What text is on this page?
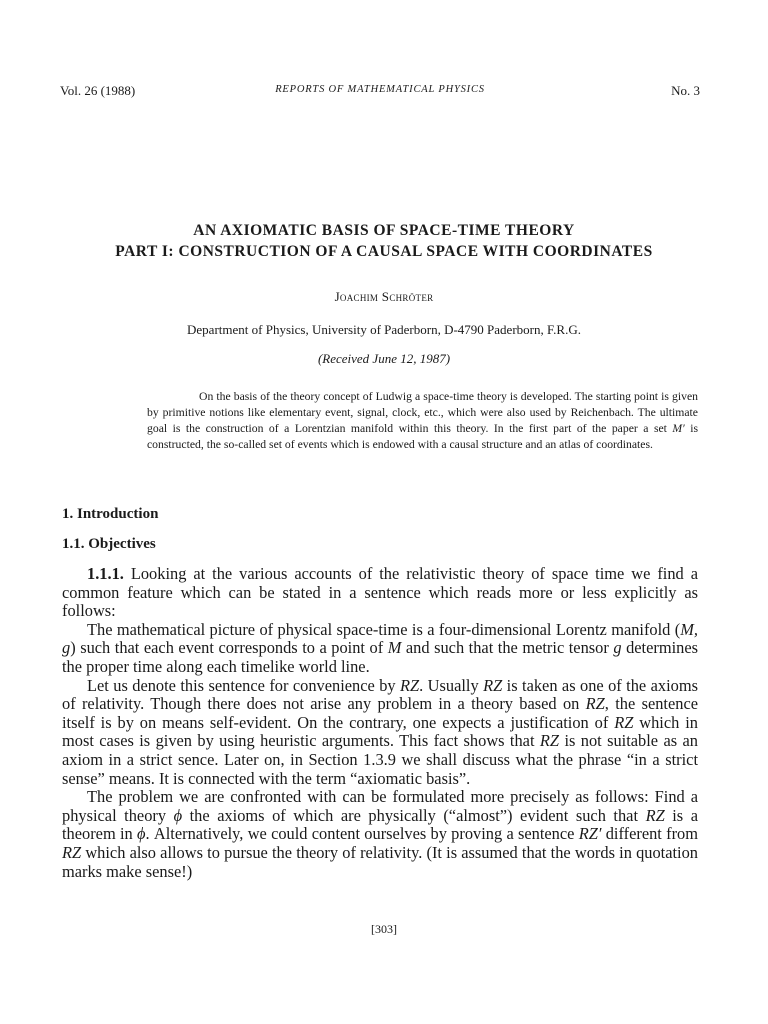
Vol. 26 (1988)	REPORTS OF MATHEMATICAL PHYSICS	No. 3
AN AXIOMATIC BASIS OF SPACE-TIME THEORY
PART I: CONSTRUCTION OF A CAUSAL SPACE WITH COORDINATES
Joachim Schröter
Department of Physics, University of Paderborn, D-4790 Paderborn, F.R.G.
(Received June 12, 1987)
On the basis of the theory concept of Ludwig a space-time theory is developed. The starting point is given by primitive notions like elementary event, signal, clock, etc., which were also used by Reichenbach. The ultimate goal is the construction of a Lorentzian manifold within this theory. In the first part of the paper a set M′ is constructed, the so-called set of events which is endowed with a causal structure and an atlas of coordinates.
1. Introduction
1.1. Objectives

1.1.1. Looking at the various accounts of the relativistic theory of space time we find a common feature which can be stated in a sentence which reads more or less explicitly as follows:

The mathematical picture of physical space-time is a four-dimensional Lorentz manifold (M, g) such that each event corresponds to a point of M and such that the metric tensor g determines the proper time along each timelike world line.

Let us denote this sentence for convenience by RZ. Usually RZ is taken as one of the axioms of relativity. Though there does not arise any problem in a theory based on RZ, the sentence itself is by on means self-evident. On the contrary, one expects a justification of RZ which in most cases is given by using heuristic arguments. This fact shows that RZ is not suitable as an axiom in a strict sence. Later on, in Section 1.3.9 we shall discuss what the phrase “in a strict sense” means. It is connected with the term “axiomatic basis”.

The problem we are confronted with can be formulated more precisely as follows: Find a physical theory ϕ the axioms of which are physically (“almost”) evident such that RZ is a theorem in ϕ. Alternatively, we could content ourselves by proving a sentence RZ′ different from RZ which also allows to pursue the theory of relativity. (It is assumed that the words in quotation marks make sense!)

[303]
